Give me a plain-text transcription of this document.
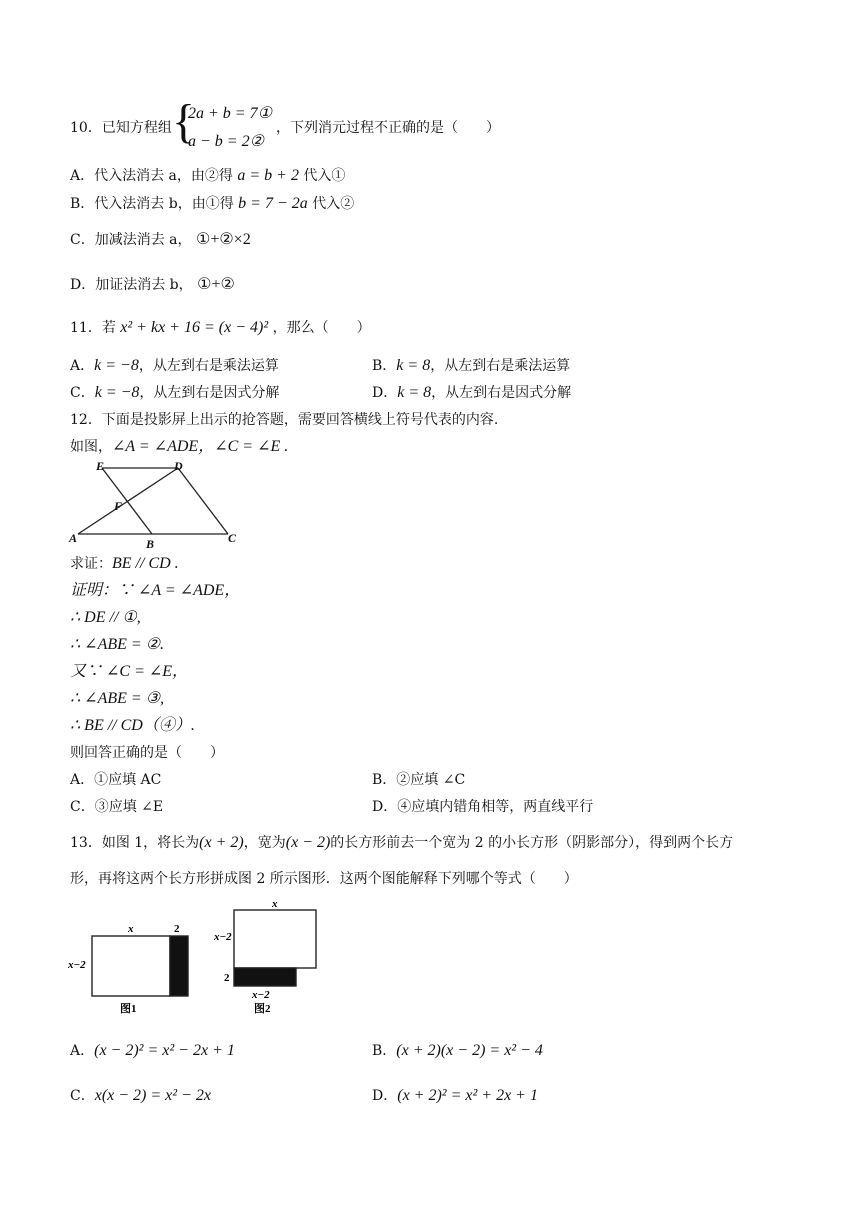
10．已知方程组 {
2a + b = 7①
a − b = 2②
，下列消元过程不正确的是（　　）
A．代入法消去 a，由②得 a = b + 2 代入①
B．代入法消去 b，由①得 b = 7 − 2a 代入②
C．加减法消去 a， ①+②×2
D．加证法消去 b， ①+②
11．若 x² + kx + 16 = (x − 4)² ，那么（　　）
A．k = −8，从左到右是乘法运算	B．k = 8，从左到右是乘法运算
C．k = −8，从左到右是因式分解	D．k = 8，从左到右是因式分解
12．下面是投影屏上出示的抢答题，需要回答横线上符号代表的内容.
如图，∠A = ∠ADE，∠C = ∠E .
E	D
F
A	B	C
求证：BE // CD .
证明：∵ ∠A = ∠ADE，
∴ DE // ①,
∴ ∠ABE = ②.
又∵ ∠C = ∠E，
∴ ∠ABE = ③,
∴ BE // CD（④）.
则回答正确的是（　　）
A．①应填 AC	B．②应填 ∠C
C．③应填 ∠E	D．④应填内错角相等，两直线平行
13．如图 1，将长为(x + 2)，宽为(x − 2)的长方形前去一个宽为 2 的小长方形（阴影部分），得到两个长方
形，再将这两个长方形拼成图 2 所示图形．这两个图能解释下列哪个等式（　　）
x	2
x−2
图1
x
x−2
2
x−2
图2
A．(x − 2)² = x² − 2x + 1	B．(x + 2)(x − 2) = x² − 4
C．x(x − 2) = x² − 2x	D．(x + 2)² = x² + 2x + 1
